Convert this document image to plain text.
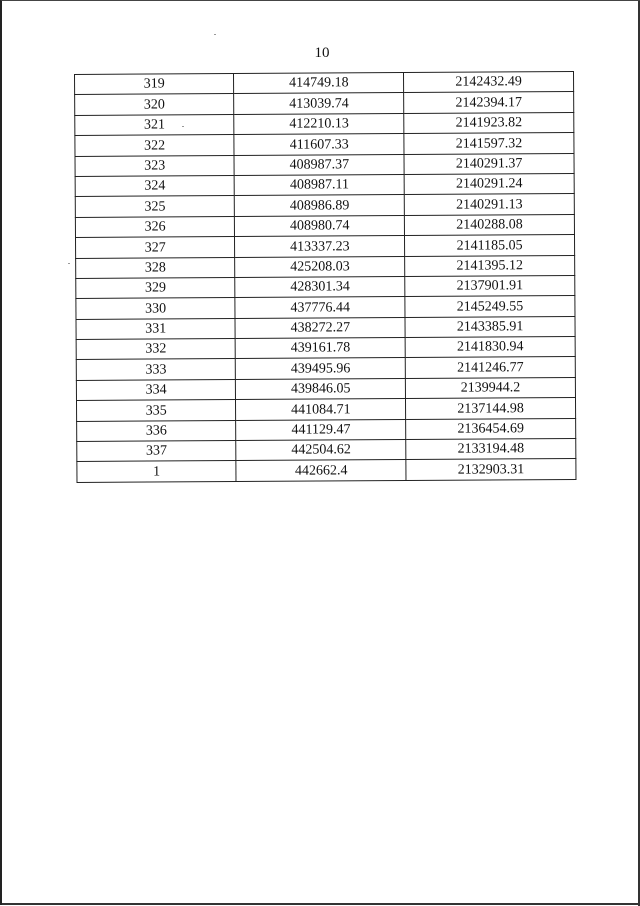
10
319	414749.18	2142432.49
320	413039.74	2142394.17
321	412210.13	2141923.82
322	411607.33	2141597.32
323	408987.37	2140291.37
324	408987.11	2140291.24
325	408986.89	2140291.13
326	408980.74	2140288.08
327	413337.23	2141185.05
328	425208.03	2141395.12
329	428301.34	2137901.91
330	437776.44	2145249.55
331	438272.27	2143385.91
332	439161.78	2141830.94
333	439495.96	2141246.77
334	439846.05	2139944.2
335	441084.71	2137144.98
336	441129.47	2136454.69
337	442504.62	2133194.48
1	442662.4	2132903.31
